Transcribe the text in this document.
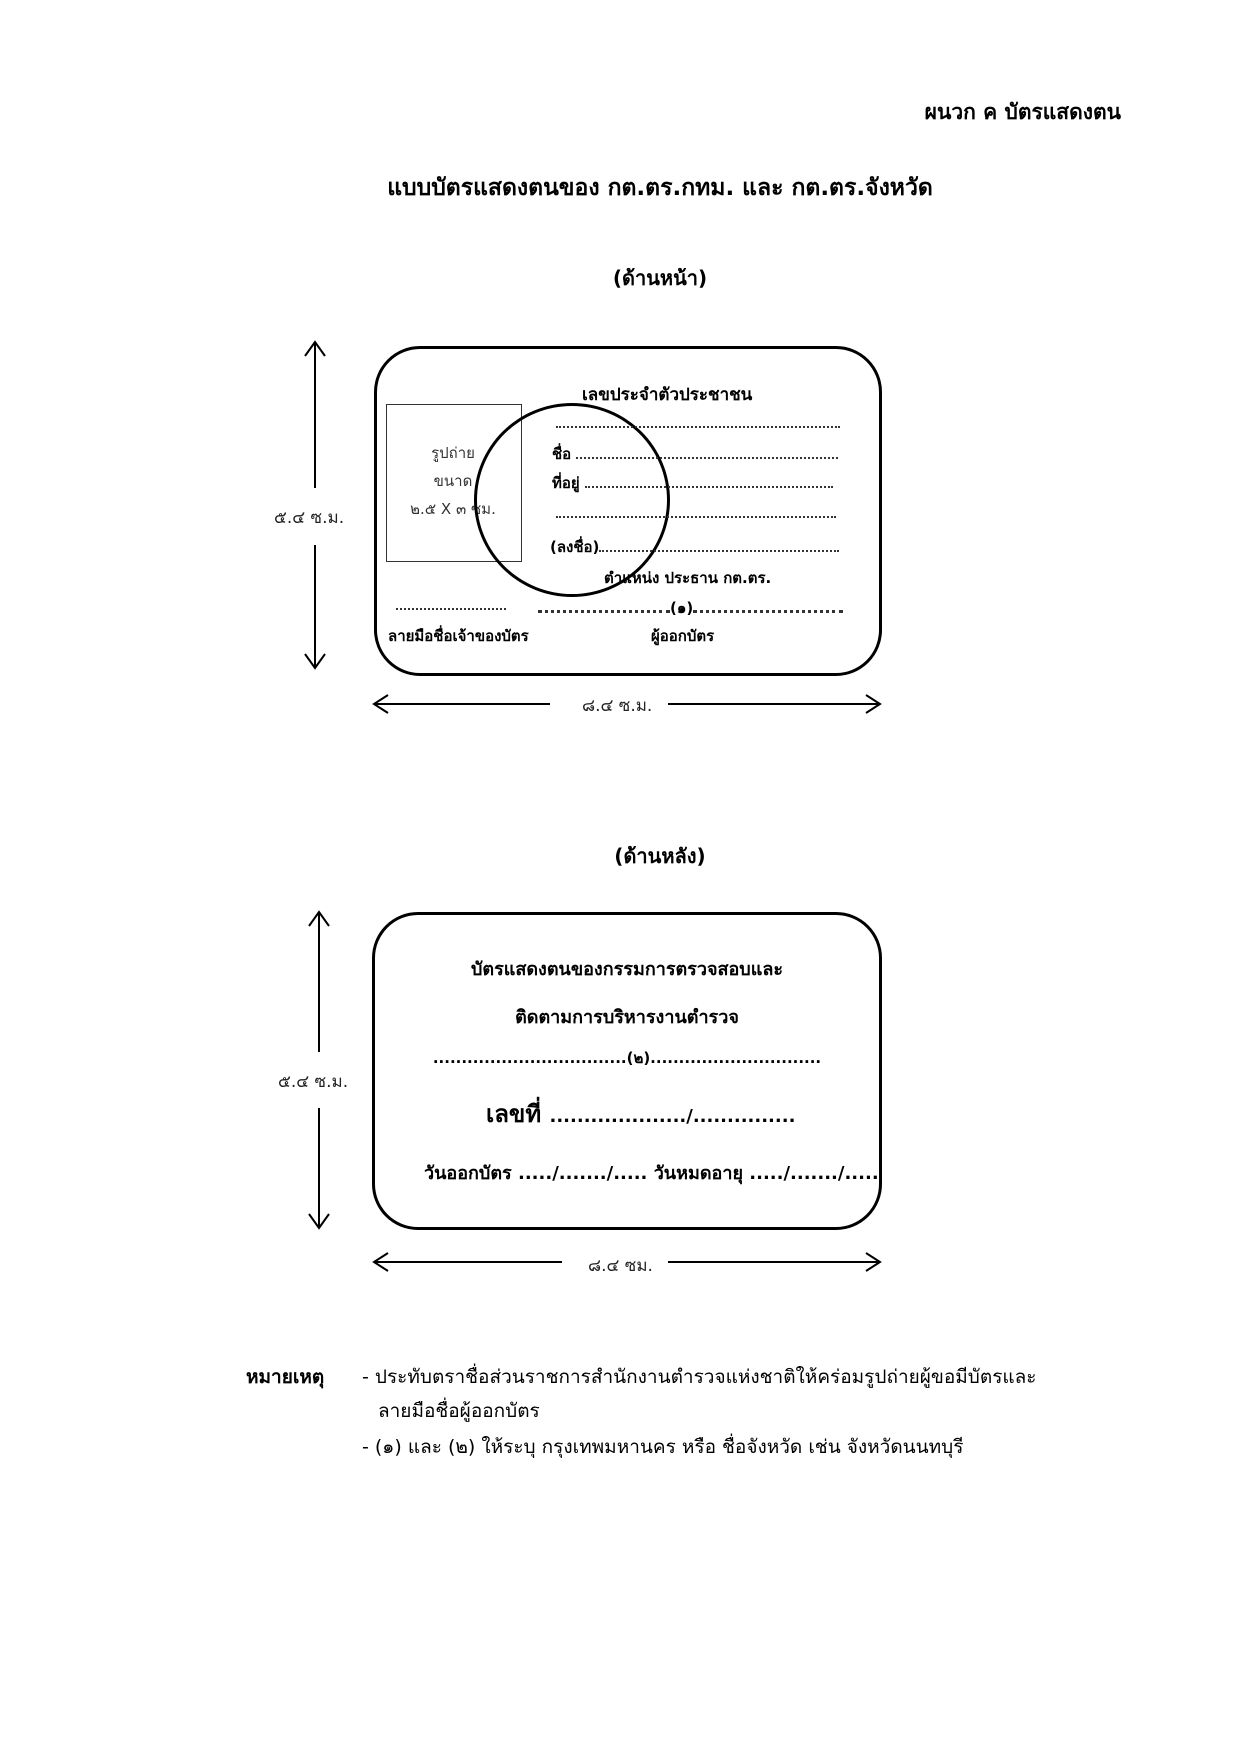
ผนวก ค บัตรแสดงตน
แบบบัตรแสดงตนของ กต.ตร.กทม. และ กต.ตร.จังหวัด
(ด้านหน้า)
๕.๔ ซ.ม.
รูปถ่าย
ขนาด
๒.๕ X ๓ ซม.
เลขประจำตัวประชาชน
ชื่อ
ที่อยู่
(ลงชื่อ)
ตำแหน่ง ประธาน กต.ตร.
(๑)
ลายมือชื่อเจ้าของบัตร	ผู้ออกบัตร
๘.๔ ซ.ม.
(ด้านหลัง)
๕.๔ ซ.ม.
บัตรแสดงตนของกรรมการตรวจสอบและ
ติดตามการบริหารงานตำรวจ
..................................(๒)..............................
เลขที่ ..................../...............
วันออกบัตร ...../......./..... วันหมดอายุ ...../......./.....
๘.๔ ซม.
หมายเหตุ - ประทับตราชื่อส่วนราชการสำนักงานตำรวจแห่งชาติให้คร่อมรูปถ่ายผู้ขอมีบัตรและ
ลายมือชื่อผู้ออกบัตร
- (๑) และ (๒) ให้ระบุ กรุงเทพมหานคร หรือ ชื่อจังหวัด เช่น จังหวัดนนทบุรี
